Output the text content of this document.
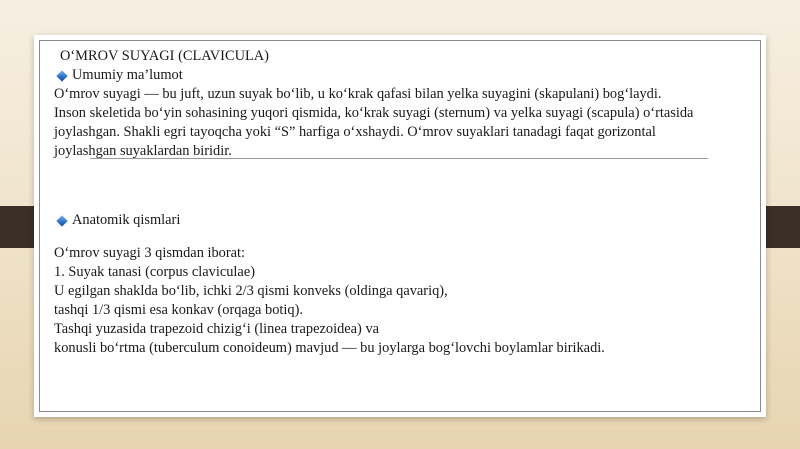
O‘MROV SUYAGI (CLAVICULA)
Umumiy ma’lumot
O‘mrov suyagi — bu juft, uzun suyak bo‘lib, u ko‘krak qafasi bilan yelka suyagini (skapulani) bog‘laydi.
Inson skeletida bo‘yin sohasining yuqori qismida, ko‘krak suyagi (sternum) va yelka suyagi (scapula) o‘rtasida
joylashgan. Shakli egri tayoqcha yoki “S” harfiga o‘xshaydi. O‘mrov suyaklari tanadagi faqat gorizontal
joylashgan suyaklardan biridir.
Anatomik qismlari
O‘mrov suyagi 3 qismdan iborat:
1. Suyak tanasi (corpus claviculae)
U egilgan shaklda bo‘lib, ichki 2/3 qismi konveks (oldinga qavariq),
tashqi 1/3 qismi esa konkav (orqaga botiq).
Tashqi yuzasida trapezoid chizig‘i (linea trapezoidea) va
konusli bo‘rtma (tuberculum conoideum) mavjud — bu joylarga bog‘lovchi boylamlar birikadi.
